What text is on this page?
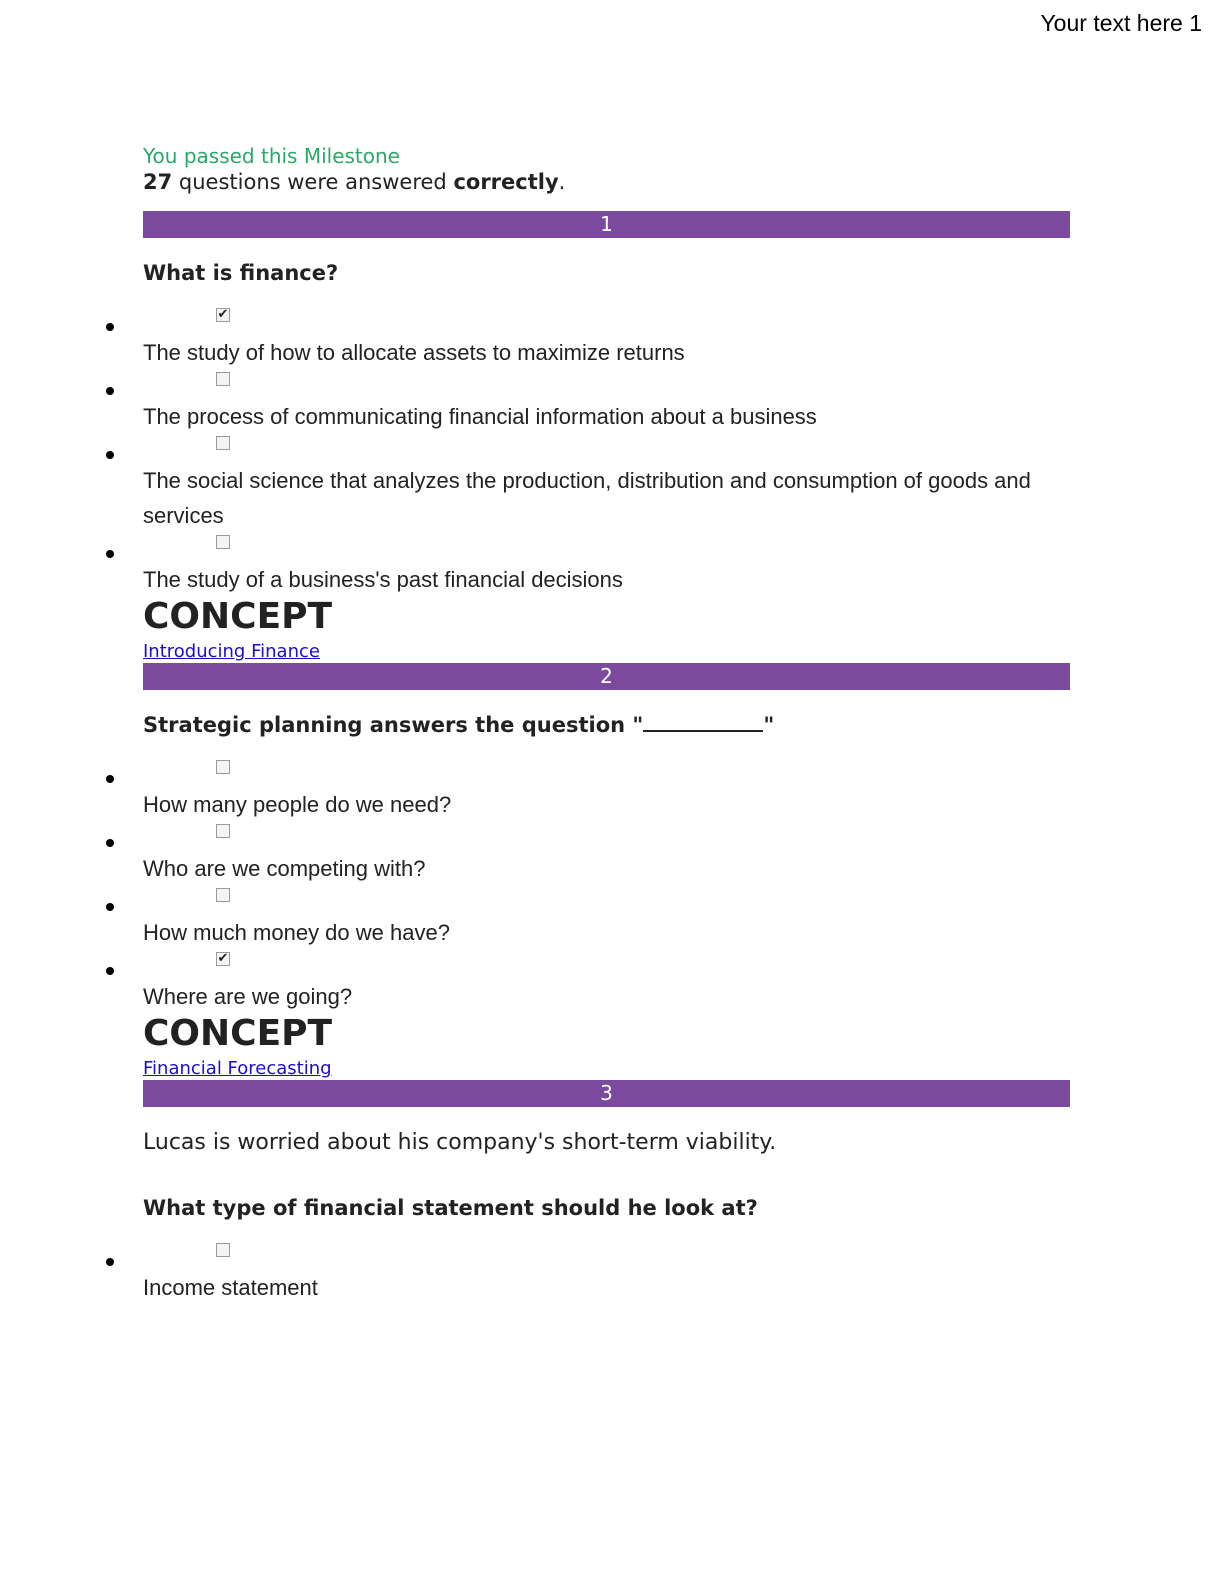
Your text here 1

You passed this Milestone

27 questions were answered correctly.

1

What is finance?

✔

The study of how to allocate assets to maximize returns

The process of communicating financial information about a business

The social science that analyzes the production, distribution and consumption of goods and services

The study of a business's past financial decisions

CONCEPT

Introducing Finance
2

Strategic planning answers the question "	"

How many people do we need?

Who are we competing with?

How much money do we have?

✔

Where are we going?

CONCEPT

Financial Forecasting
3

Lucas is worried about his company's short-term viability.

What type of financial statement should he look at?

Income statement
